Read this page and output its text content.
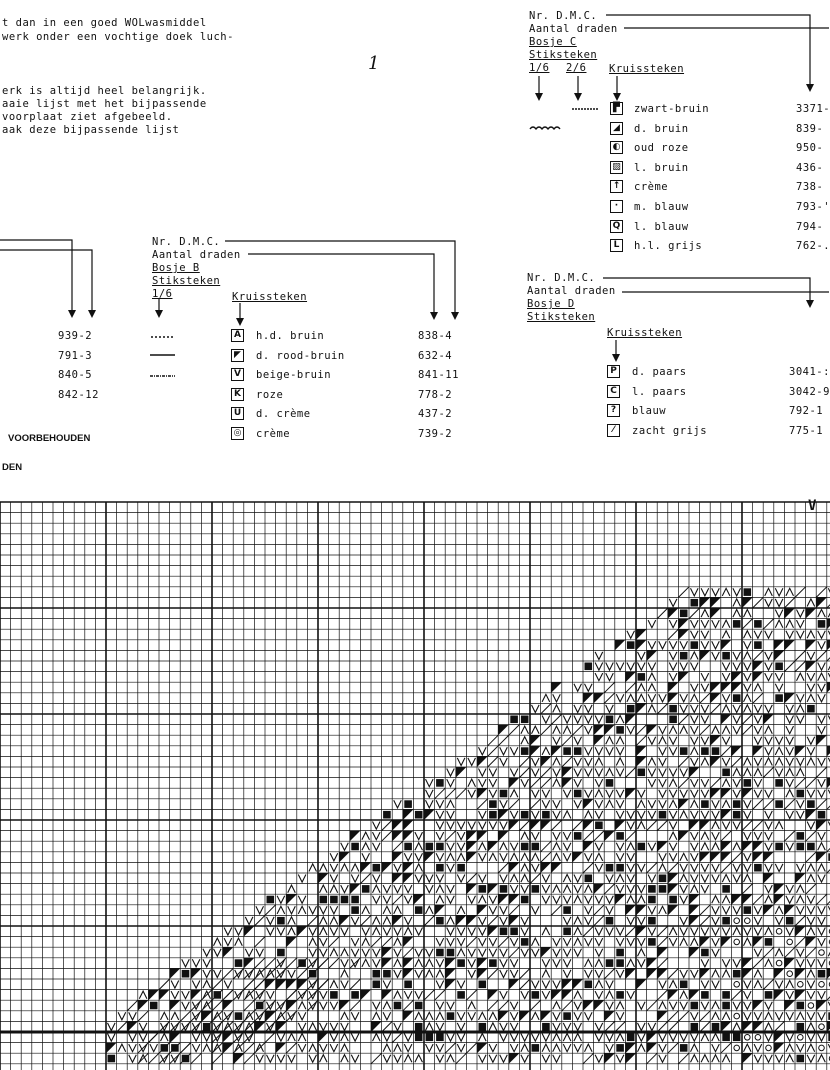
1
t dan in een goed WOLwasmiddel
werk onder een vochtige doek luch-
erk is altijd heel belangrijk.
aaie lijst met het bijpassende
voorplaat ziet afgebeeld.
aak deze bijpassende lijst
939-2
791-3
840-5
842-12
Nr. D.M.C.
Aantal draden
Bosje B
Stiksteken
1/6	Kruissteken
A h.d. bruin	838-4
◤ d. rood-bruin	632-4
V beige-bruin	841-11
K roze	778-2
U d. crème	437-2
◎ crème	739-2
Nr. D.M.C.
Aantal draden
Bosje C
Stiksteken
1/6 2/6 Kruissteken
▛ zwart-bruin	3371-
◢ d. bruin	839-
◐ oud roze	950-
▨ l. bruin	436-
↑ crème	738-
·	m. blauw	793-'
Q l. blauw	794-
L	h.l. grijs	762-.
Nr. D.M.C.
Aantal draden
Bosje D
Stiksteken
Kruissteken
P	d. paars	3041-:
C	l. paars	3042-9
?	blauw	792-1
⁄	zacht grijs	775-1
VOORBEHOUDEN
DEN
V
